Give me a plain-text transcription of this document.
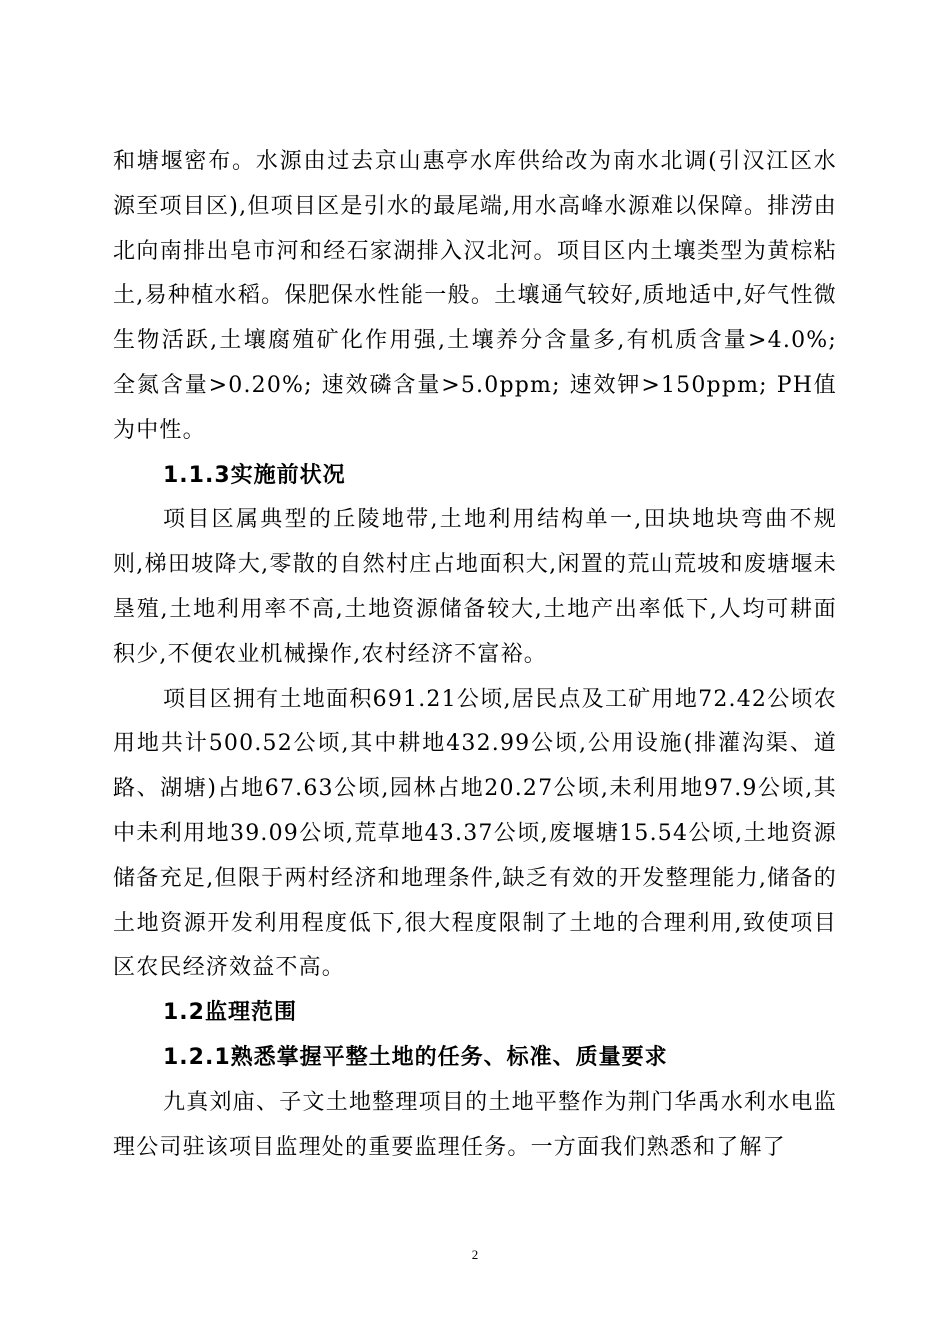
和塘堰密布。水源由过去京山惠亭水库供给改为南水北调(引汉江区水源至项目区),但项目区是引水的最尾端,用水高峰水源难以保障。排涝由北向南排出皂市河和经石家湖排入汉北河。项目区内土壤类型为黄棕粘土,易种植水稻。保肥保水性能一般。土壤通气较好,质地适中,好气性微生物活跃,土壤腐殖矿化作用强,土壤养分含量多,有机质含量>4.0%; 全氮含量>0.20%; 速效磷含量>5.0ppm; 速效钾>150ppm; PH值为中性。

1.1.3实施前状况

项目区属典型的丘陵地带,土地利用结构单一,田块地块弯曲不规则,梯田坡降大,零散的自然村庄占地面积大,闲置的荒山荒坡和废塘堰未垦殖,土地利用率不高,土地资源储备较大,土地产出率低下,人均可耕面积少,不便农业机械操作,农村经济不富裕。

项目区拥有土地面积691.21公顷,居民点及工矿用地72.42公顷农用地共计500.52公顷,其中耕地432.99公顷,公用设施(排灌沟渠、道路、湖塘)占地67.63公顷,园林占地20.27公顷,未利用地97.9公顷,其中未利用地39.09公顷,荒草地43.37公顷,废堰塘15.54公顷,土地资源储备充足,但限于两村经济和地理条件,缺乏有效的开发整理能力,储备的土地资源开发利用程度低下,很大程度限制了土地的合理利用,致使项目区农民经济效益不高。

1.2监理范围

1.2.1熟悉掌握平整土地的任务、标准、质量要求

九真刘庙、子文土地整理项目的土地平整作为荆门华禹水利水电监理公司驻该项目监理处的重要监理任务。一方面我们熟悉和了解了

2
